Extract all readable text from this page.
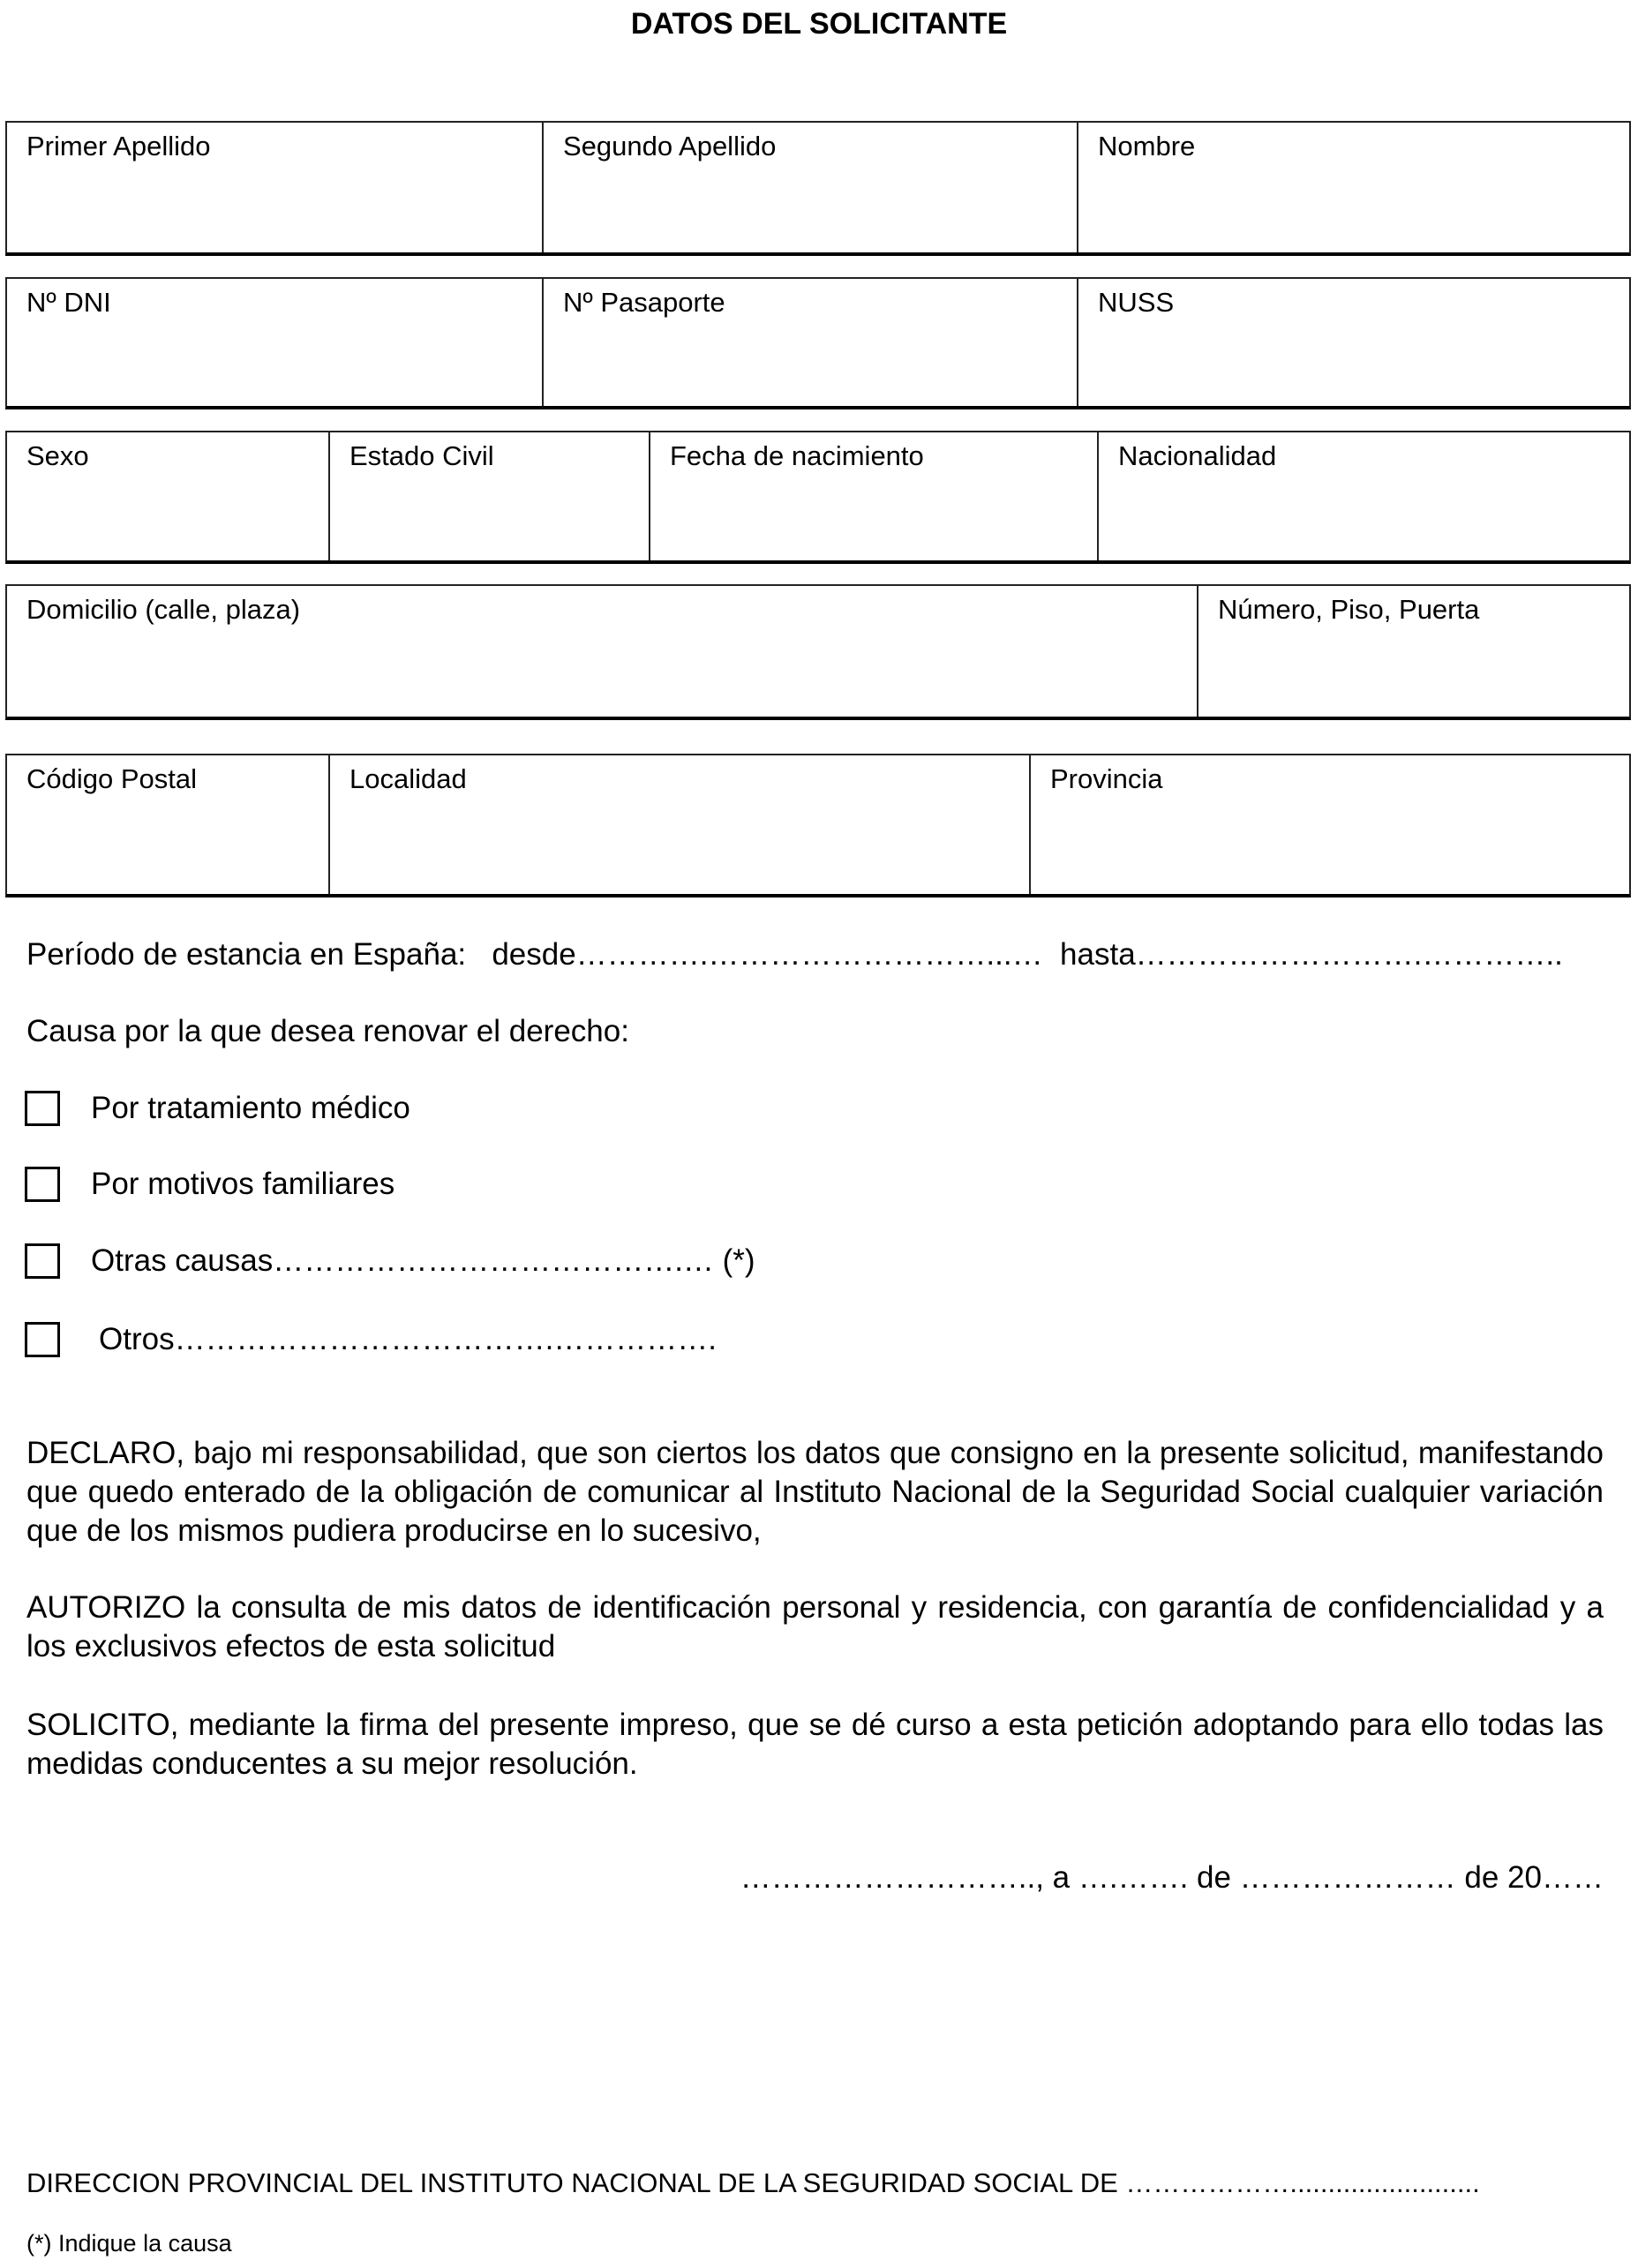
DATOS DEL SOLICITANTE
Primer Apellido	Segundo Apellido	Nombre
Nº DNI	Nº Pasaporte	NUSS
Sexo	Estado Civil	Fecha de nacimiento	Nacionalidad
Domicilio (calle, plaza)	Número, Piso, Puerta
Código Postal	Localidad	Provincia
Período de estancia en España: desde………….………………………...… hasta……………………….…………..
Causa por la que desea renovar el derecho:
Por tratamiento médico
Por motivos familiares
Otras causas………………………………….… (*)
Otros……………………………….…………….
DECLARO, bajo mi responsabilidad, que son ciertos los datos que consigno en la presente solicitud, manifestando que quedo enterado de la obligación de comunicar al Instituto Nacional de la Seguridad Social cualquier variación que de los mismos pudiera producirse en lo sucesivo,
AUTORIZO la consulta de mis datos de identificación personal y residencia, con garantía de confidencialidad y a los exclusivos efectos de esta solicitud
SOLICITO, mediante la firma del presente impreso, que se dé curso a esta petición adoptando para ello todas las medidas conducentes a su mejor resolución.
……………………….., a ….……. de ………………… de 20……
DIRECCION PROVINCIAL DEL INSTITUTO NACIONAL DE LA SEGURIDAD SOCIAL DE ……………….........................
(*) Indique la causa
